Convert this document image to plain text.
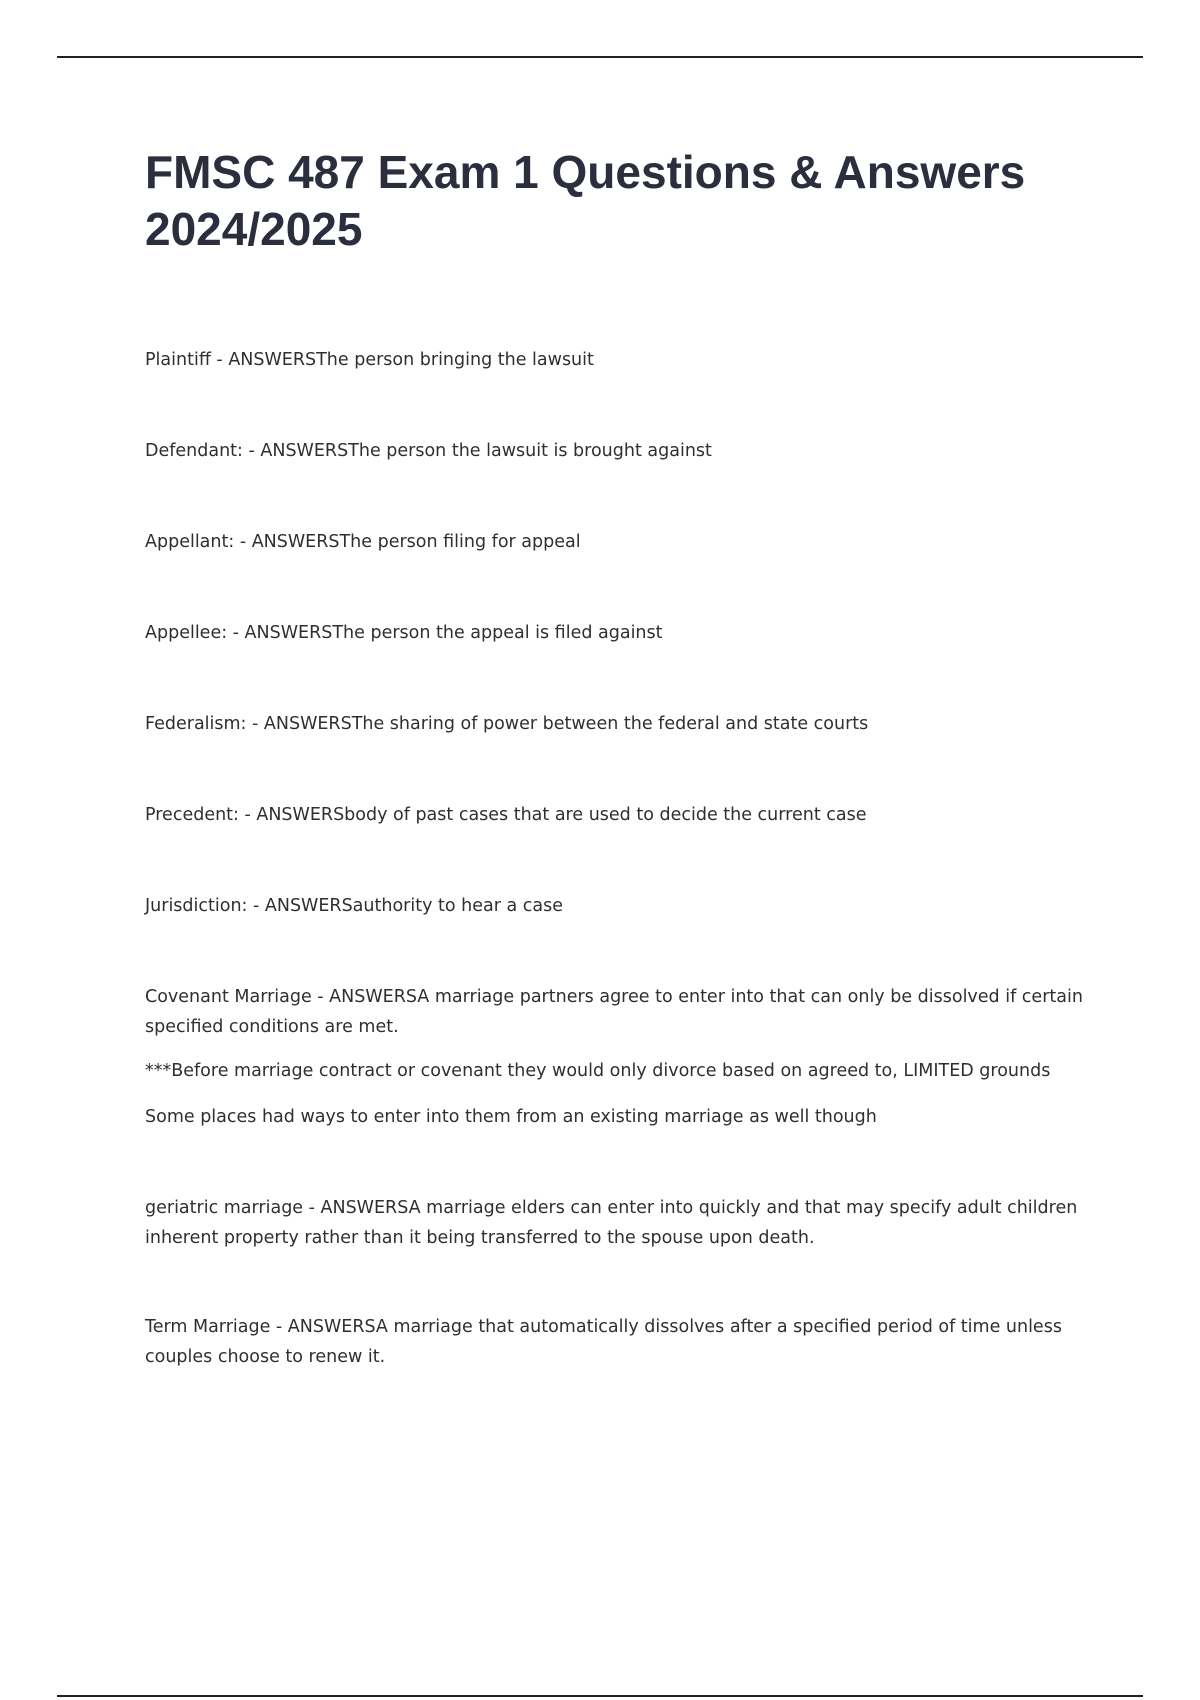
FMSC 487 Exam 1 Questions & Answers 2024/2025

Plaintiff - ANSWERSThe person bringing the lawsuit

Defendant: - ANSWERSThe person the lawsuit is brought against

Appellant: - ANSWERSThe person filing for appeal

Appellee: - ANSWERSThe person the appeal is filed against

Federalism: - ANSWERSThe sharing of power between the federal and state courts

Precedent: - ANSWERSbody of past cases that are used to decide the current case

Jurisdiction: - ANSWERSauthority to hear a case

Covenant Marriage - ANSWERSA marriage partners agree to enter into that can only be dissolved if certain specified conditions are met.

***Before marriage contract or covenant they would only divorce based on agreed to, LIMITED grounds

Some places had ways to enter into them from an existing marriage as well though

geriatric marriage - ANSWERSA marriage elders can enter into quickly and that may specify adult children inherent property rather than it being transferred to the spouse upon death.

Term Marriage - ANSWERSA marriage that automatically dissolves after a specified period of time unless couples choose to renew it.
